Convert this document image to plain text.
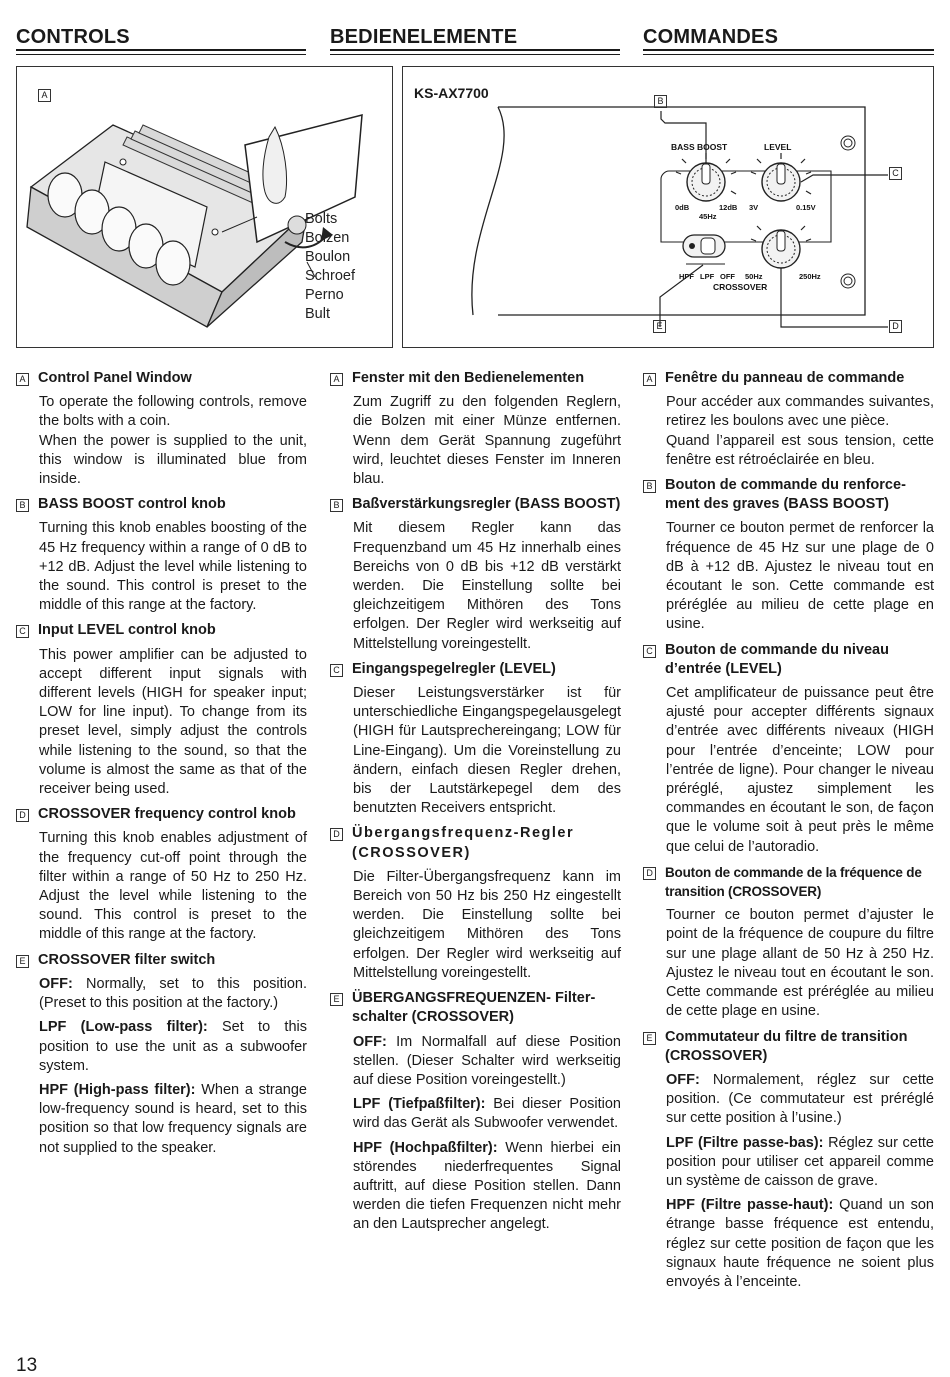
CONTROLS	BEDIENELEMENTE	COMMANDES
A
Bolts
Bolzen
Boulon
Schroef
Perno
Bult
KS-AX7700
BASS BOOST	LEVEL
0dB	12dB
45Hz
3V	0.15V
HPF LPF OFF 50Hz	250Hz
CROSSOVER
B
C
D
E
A Control Panel Window

To operate the following controls, remove the bolts with a coin.

When the power is supplied to the unit, this window is illuminated blue from inside.

B BASS BOOST control knob

Turning this knob enables boosting of the 45 Hz frequency within a range of 0 dB to +12 dB. Adjust the level while listening to the sound. This control is preset to the middle of this range at the factory.

C Input LEVEL control knob

This power amplifier can be adjusted to accept different input signals with different levels (HIGH for speaker input; LOW for line input). To change from its preset level, simply adjust the controls while listening to the sound, so that the volume is almost the same as that of the receiver being used.

D CROSSOVER frequency control knob

Turning this knob enables adjustment of the frequency cut-off point through the filter within a range of 50 Hz to 250 Hz. Adjust the level while listening to the sound. This control is preset to the middle of this range at the factory.

E CROSSOVER filter switch

OFF: Normally, set to this position. (Preset to this position at the factory.)

LPF (Low-pass filter): Set to this position to use the unit as a subwoofer system.

HPF (High-pass filter): When a strange low-frequency sound is heard, set to this position so that low frequency signals are not supplied to the speaker.

A Fenster mit den Bedienelementen

Zum Zugriff zu den folgenden Reglern, die Bolzen mit einer Münze entfernen. Wenn dem Gerät Spannung zugeführt wird, leuchtet dieses Fenster im Inneren blau.

B Baßverstärkungsregler (BASS BOOST)

Mit diesem Regler kann das Frequenzband um 45 Hz innerhalb eines Bereichs von 0 dB bis +12 dB verstärkt werden. Die Einstellung sollte bei gleichzeitigem Mithören des Tons erfolgen. Der Regler wird werkseitig auf Mittelstellung voreingestellt.

C Eingangspegelregler (LEVEL)

Dieser Leistungsverstärker ist für unterschiedliche Eingangspegelausgelegt (HIGH für Lautsprechereingang; LOW für Line-Eingang). Um die Voreinstellung zu ändern, einfach diesen Regler drehen, bis der Lautstärkepegel dem des benutzten Receivers entspricht.

D Übergangsfrequenz-Regler (CROSSOVER)

Die Filter-Übergangsfrequenz kann im Bereich von 50 Hz bis 250 Hz eingestellt werden. Die Einstellung sollte bei gleichzeitigem Mithören des Tons erfolgen. Der Regler wird werkseitig auf Mittelstellung voreingestellt.

E ÜBERGANGSFREQUENZEN- Filterschalter (CROSSOVER)

OFF: Im Normalfall auf diese Position stellen. (Dieser Schalter wird werkseitig auf diese Position voreingestellt.)

LPF (Tiefpaßfilter): Bei dieser Position wird das Gerät als Subwoofer verwendet.

HPF (Hochpaßfilter): Wenn hierbei ein störendes niederfrequentes Signal auftritt, auf diese Position stellen. Dann werden die tiefen Frequenzen nicht mehr an den Lautsprecher angelegt.

A Fenêtre du panneau de commande

Pour accéder aux commandes suivantes, retirez les boulons avec une pièce.

Quand l’appareil est sous tension, cette fenêtre est rétroéclairée en bleu.

B Bouton de commande du renforcement des graves (BASS BOOST)

Tourner ce bouton permet de renforcer la fréquence de 45 Hz sur une plage de 0 dB à +12 dB. Ajustez le niveau tout en écoutant le son. Cette commande est préréglée au milieu de cette plage en usine.

C Bouton de commande du niveau d’entrée (LEVEL)

Cet amplificateur de puissance peut être ajusté pour accepter différents signaux d’entrée avec différents niveaux (HIGH pour l’entrée d’enceinte; LOW pour l’entrée de ligne). Pour changer le niveau préréglé, ajustez simplement les commandes en écoutant le son, de façon que le volume soit à peut près le même que celui de l’autoradio.

D Bouton de commande de la fréquence de transition (CROSSOVER)

Tourner ce bouton permet d’ajuster le point de la fréquence de coupure du filtre sur une plage allant de 50 Hz à 250 Hz. Ajustez le niveau tout en écoutant le son. Cette commande est préréglée au milieu de cette plage en usine.

E Commutateur du filtre de transition (CROSSOVER)

OFF: Normalement, réglez sur cette position. (Ce commutateur est préréglé sur cette position à l’usine.)

LPF (Filtre passe-bas): Réglez sur cette position pour utiliser cet appareil comme un système de caisson de grave.

HPF (Filtre passe-haut): Quand un son étrange basse fréquence est entendu, réglez sur cette position de façon que les signaux haute fréquence ne soient plus envoyés à l’enceinte.

13
